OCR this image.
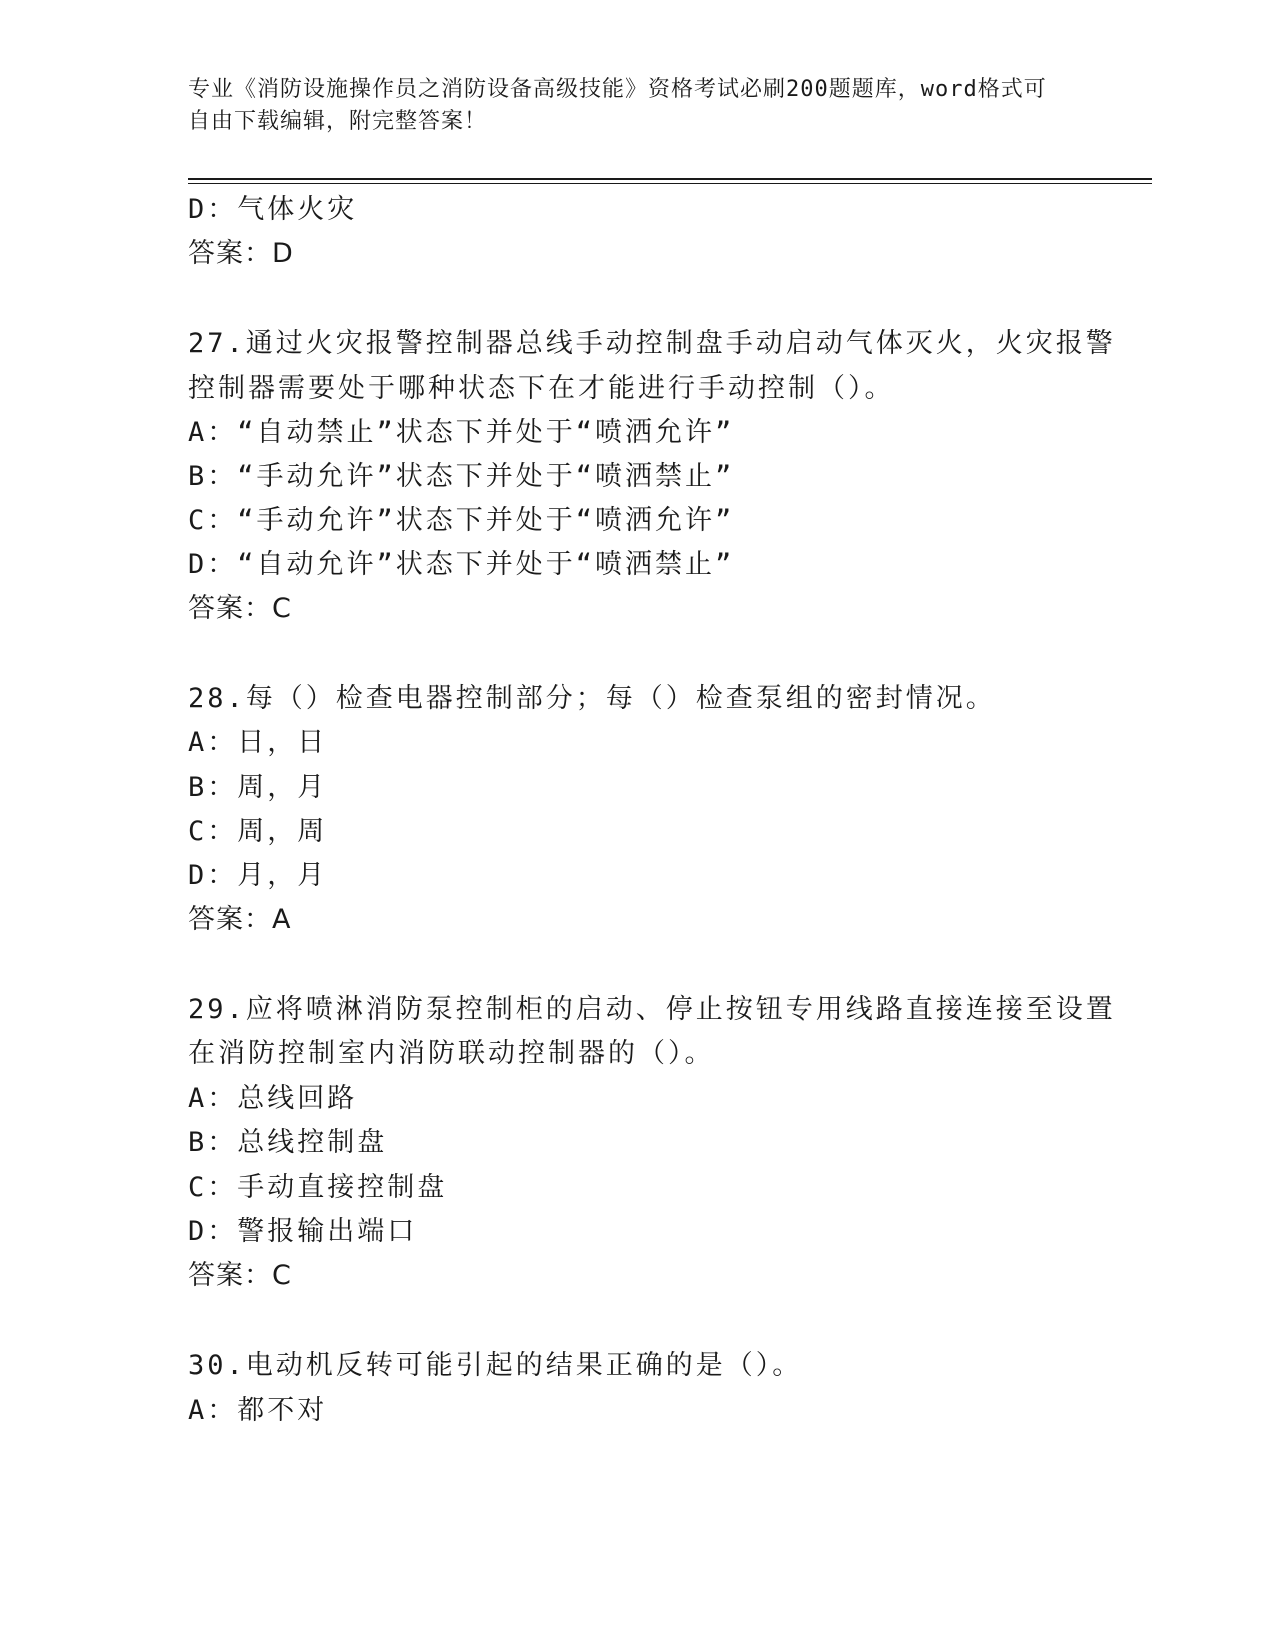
专业《消防设施操作员之消防设备高级技能》资格考试必刷200题题库，word格式可自由下载编辑，附完整答案！
D：气体火灾
答案：D
27.通过火灾报警控制器总线手动控制盘手动启动气体灭火，火灾报警
控制器需要处于哪种状态下在才能进行手动控制（）。
A：“自动禁止”状态下并处于“喷洒允许”
B：“手动允许”状态下并处于“喷洒禁止”
C：“手动允许”状态下并处于“喷洒允许”
D：“自动允许”状态下并处于“喷洒禁止”
答案：C
28.每（）检查电器控制部分；每（）检查泵组的密封情况。
A：日，日
B：周，月
C：周，周
D：月，月
答案：A
29.应将喷淋消防泵控制柜的启动、停止按钮专用线路直接连接至设置
在消防控制室内消防联动控制器的（）。
A：总线回路
B：总线控制盘
C：手动直接控制盘
D：警报输出端口
答案：C
30.电动机反转可能引起的结果正确的是（）。
A：都不对
